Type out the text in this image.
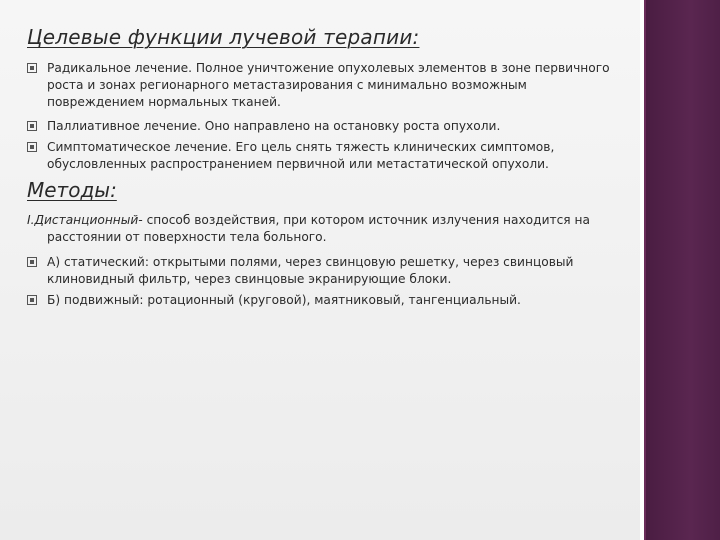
Целевые функции лучевой терапии:
Радикальное лечение. Полное уничтожение опухолевых элементов в зоне первичного роста и зонах регионарного метастазирования с минимально возможным повреждением нормальных тканей.
Паллиативное лечение. Оно направлено на остановку роста опухоли.
Симптоматическое лечение. Его цель снять тяжесть клинических симптомов, обусловленных распространением первичной или метастатической опухоли.
Методы:
I.Дистанционный- способ воздействия, при котором источник излучения находится на расстоянии от поверхности тела больного.
А) статический: открытыми полями, через свинцовую решетку, через свинцовый клиновидный фильтр, через свинцовые экранирующие блоки.
Б) подвижный: ротационный (круговой), маятниковый, тангенциальный.
